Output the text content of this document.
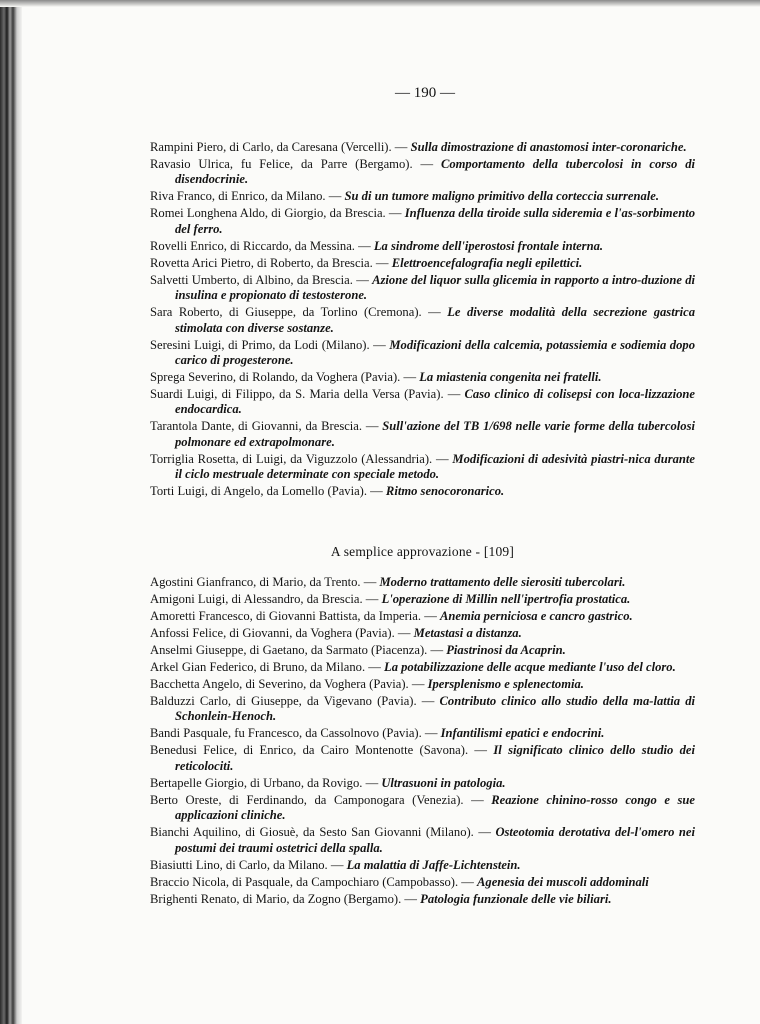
— 190 —
Rampini Piero, di Carlo, da Caresana (Vercelli). — Sulla dimostrazione di anastomosi inter-coronariche.
Ravasio Ulrica, fu Felice, da Parre (Bergamo). — Comportamento della tubercolosi in corso di disendocrinie.
Riva Franco, di Enrico, da Milano. — Su di un tumore maligno primitivo della corteccia surrenale.
Romei Longhena Aldo, di Giorgio, da Brescia. — Influenza della tiroide sulla sideremia e l'as-sorbimento del ferro.
Rovelli Enrico, di Riccardo, da Messina. — La sindrome dell'iperostosi frontale interna.
Rovetta Arici Pietro, di Roberto, da Brescia. — Elettroencefalografia negli epilettici.
Salvetti Umberto, di Albino, da Brescia. — Azione del liquor sulla glicemia in rapporto a intro-duzione di insulina e propionato di testosterone.
Sara Roberto, di Giuseppe, da Torlino (Cremona). — Le diverse modalità della secrezione gastrica stimolata con diverse sostanze.
Seresini Luigi, di Primo, da Lodi (Milano). — Modificazioni della calcemia, potassiemia e sodiemia dopo carico di progesterone.
Sprega Severino, di Rolando, da Voghera (Pavia). — La miastenia congenita nei fratelli.
Suardi Luigi, di Filippo, da S. Maria della Versa (Pavia). — Caso clinico di colisepsi con loca-lizzazione endocardica.
Tarantola Dante, di Giovanni, da Brescia. — Sull'azione del TB 1/698 nelle varie forme della tubercolosi polmonare ed extrapolmonare.
Torriglia Rosetta, di Luigi, da Viguzzolo (Alessandria). — Modificazioni di adesività piastri-nica durante il ciclo mestruale determinate con speciale metodo.
Torti Luigi, di Angelo, da Lomello (Pavia). — Ritmo senocoronarico.
A semplice approvazione - [109]
Agostini Gianfranco, di Mario, da Trento. — Moderno trattamento delle sierositi tubercolari.
Amigoni Luigi, di Alessandro, da Brescia. — L'operazione di Millin nell'ipertrofia prostatica.
Amoretti Francesco, di Giovanni Battista, da Imperia. — Anemia perniciosa e cancro gastrico.
Anfossi Felice, di Giovanni, da Voghera (Pavia). — Metastasi a distanza.
Anselmi Giuseppe, di Gaetano, da Sarmato (Piacenza). — Piastrinosi da Acaprin.
Arkel Gian Federico, di Bruno, da Milano. — La potabilizzazione delle acque mediante l'uso del cloro.
Bacchetta Angelo, di Severino, da Voghera (Pavia). — Ipersplenismo e splenectomia.
Balduzzi Carlo, di Giuseppe, da Vigevano (Pavia). — Contributo clinico allo studio della ma-lattia di Schonlein-Henoch.
Bandi Pasquale, fu Francesco, da Cassolnovo (Pavia). — Infantilismi epatici e endocrini.
Benedusi Felice, di Enrico, da Cairo Montenotte (Savona). — Il significato clinico dello studio dei reticolociti.
Bertapelle Giorgio, di Urbano, da Rovigo. — Ultrasuoni in patologia.
Berto Oreste, di Ferdinando, da Camponogara (Venezia). — Reazione chinino-rosso congo e sue applicazioni cliniche.
Bianchi Aquilino, di Giosuè, da Sesto San Giovanni (Milano). — Osteotomia derotativa del-l'omero nei postumi dei traumi ostetrici della spalla.
Biasiutti Lino, di Carlo, da Milano. — La malattia di Jaffe-Lichtenstein.
Braccio Nicola, di Pasquale, da Campochiaro (Campobasso). — Agenesia dei muscoli addominali
Brighenti Renato, di Mario, da Zogno (Bergamo). — Patologia funzionale delle vie biliari.
